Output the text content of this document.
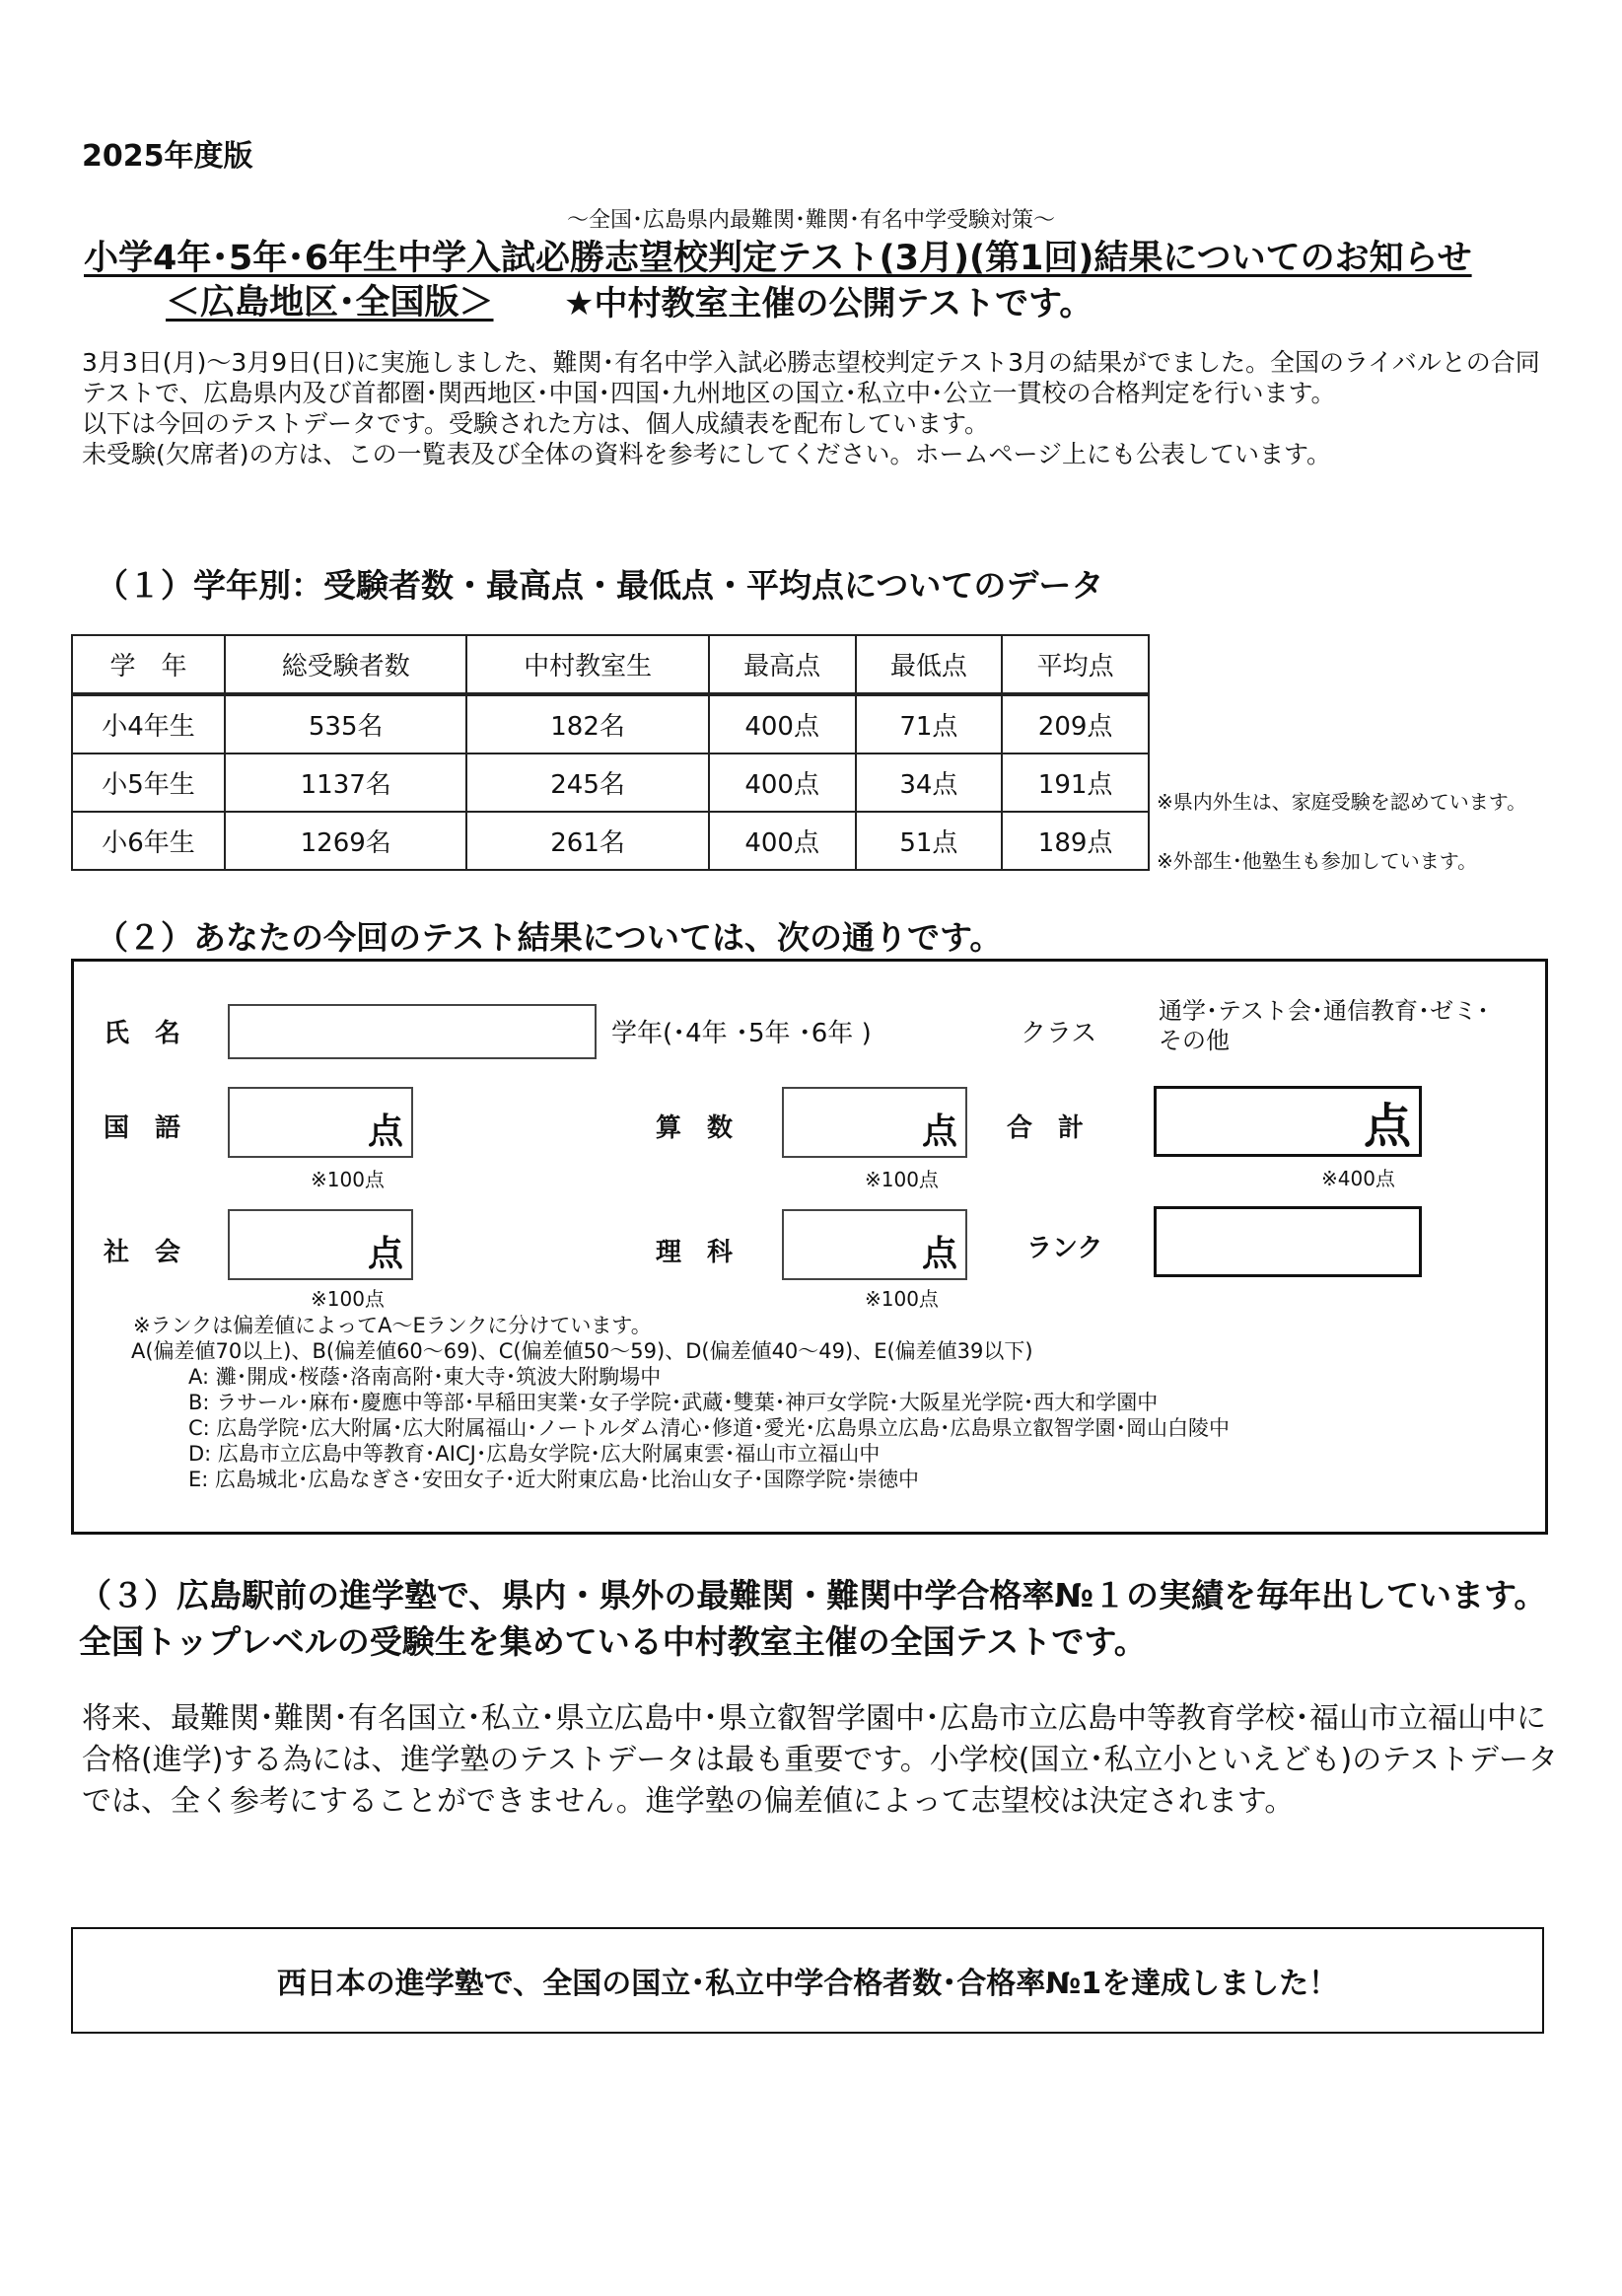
2025年度版
～全国･広島県内最難関･難関･有名中学受験対策～
小学4年･5年･6年生中学入試必勝志望校判定テスト(3月)(第1回)結果についてのお知らせ
＜広島地区･全国版＞ ★中村教室主催の公開テストです。

3月3日(月)～3月9日(日)に実施しました、難関･有名中学入試必勝志望校判定テスト3月の結果がでました。全国のライバルとの合同テストで、広島県内及び首都圏･関西地区･中国･四国･九州地区の国立･私立中･公立一貫校の合格判定を行います。

以下は今回のテストデータです。受験された方は、個人成績表を配布しています。

未受験(欠席者)の方は、この一覧表及び全体の資料を参考にしてください。ホームページ上にも公表しています。

（１）学年別：受験者数・最高点・最低点・平均点についてのデータ
学　年	総受験者数	中村教室生	最高点	最低点	平均点
小4年生	535名	182名	400点	71点	209点
小5年生	1137名	245名	400点	34点	191点
小6年生	1269名	261名	400点	51点	189点
※県内外生は、家庭受験を認めています。
※外部生･他塾生も参加しています。
（２）あなたの今回のテスト結果については、次の通りです。
氏　名	学年(･4年 ･5年 ･6年 )	クラス
通学･テスト会･通信教育･ゼミ･
その他
国　語	点
※100点
算　数	点
※100点
合　計	点
※400点
社　会	点
※100点
理　科	点
※100点
ランク
※ランクは偏差値によってA～Eランクに分けています。
A(偏差値70以上)、B(偏差値60～69)、C(偏差値50～59)、D(偏差値40～49)、E(偏差値39以下)
A: 灘･開成･桜蔭･洛南高附･東大寺･筑波大附駒場中
B: ラサール･麻布･慶應中等部･早稲田実業･女子学院･武蔵･雙葉･神戸女学院･大阪星光学院･西大和学園中
C: 広島学院･広大附属･広大附属福山･ノートルダム清心･修道･愛光･広島県立広島･広島県立叡智学園･岡山白陵中
D: 広島市立広島中等教育･AICJ･広島女学院･広大附属東雲･福山市立福山中
E: 広島城北･広島なぎさ･安田女子･近大附東広島･比治山女子･国際学院･崇徳中
（３）広島駅前の進学塾で、県内・県外の最難関・難関中学合格率№１の実績を毎年出しています。全国トップレベルの受験生を集めている中村教室主催の全国テストです。
将来、最難関･難関･有名国立･私立･県立広島中･県立叡智学園中･広島市立広島中等教育学校･福山市立福山中に合格(進学)する為には、進学塾のテストデータは最も重要です。小学校(国立･私立小といえども)のテストデータでは、全く参考にすることができません。進学塾の偏差値によって志望校は決定されます。
西日本の進学塾で、全国の国立･私立中学合格者数･合格率№1を達成しました！
